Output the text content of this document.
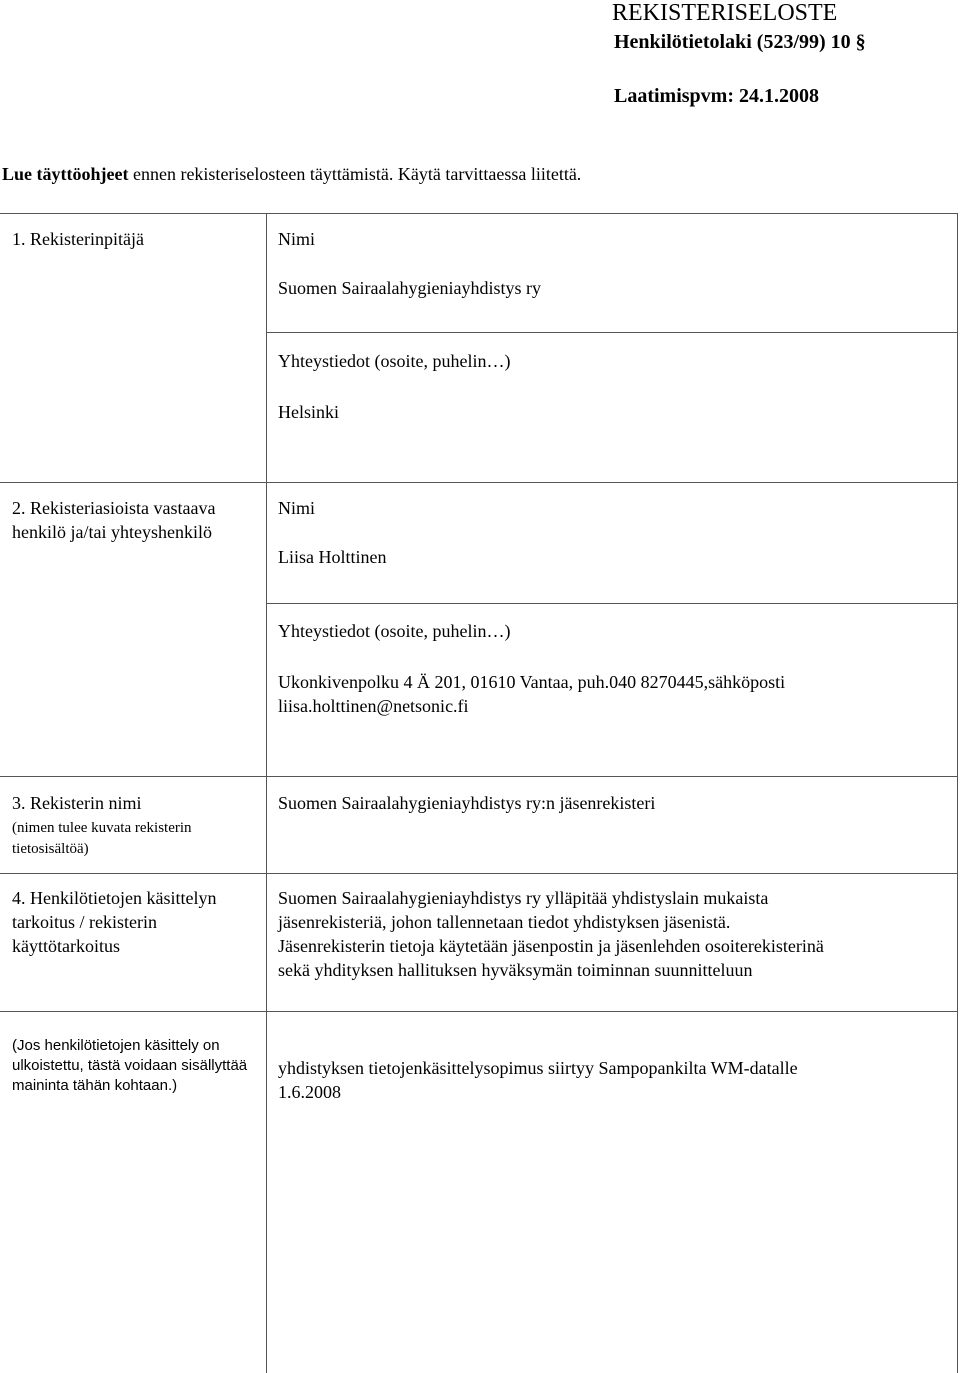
REKISTERISELOSTE
Henkilötietolaki (523/99) 10 §
Laatimispvm: 24.1.2008
Lue täyttöohjeet ennen rekisteriselosteen täyttämistä. Käytä tarvittaessa liitettä.
1. Rekisterinpitäjä	Nimi
Suomen Sairaalahygieniayhdistys ry
Yhteystiedot (osoite, puhelin…)
Helsinki
2. Rekisteriasioista vastaava
henkilö ja/tai yhteyshenkilö
Nimi
Liisa Holttinen
Yhteystiedot (osoite, puhelin…)
Ukonkivenpolku 4 Ä 201, 01610 Vantaa, puh.040 8270445,sähköposti
liisa.holttinen@netsonic.fi
3. Rekisterin nimi
(nimen tulee kuvata rekisterin
tietosisältöä)
Suomen Sairaalahygieniayhdistys ry:n jäsenrekisteri
4. Henkilötietojen käsittelyn
tarkoitus / rekisterin
käyttötarkoitus
Suomen Sairaalahygieniayhdistys ry ylläpitää yhdistyslain mukaista
jäsenrekisteriä, johon tallennetaan tiedot yhdistyksen jäsenistä.
Jäsenrekisterin tietoja käytetään jäsenpostin ja jäsenlehden osoiterekisterinä
sekä yhdityksen hallituksen hyväksymän toiminnan suunnitteluun
(Jos henkilötietojen käsittely on
ulkoistettu, tästä voidaan sisällyttää
maininta tähän kohtaan.)
yhdistyksen tietojenkäsittelysopimus siirtyy Sampopankilta WM-datalle
1.6.2008
